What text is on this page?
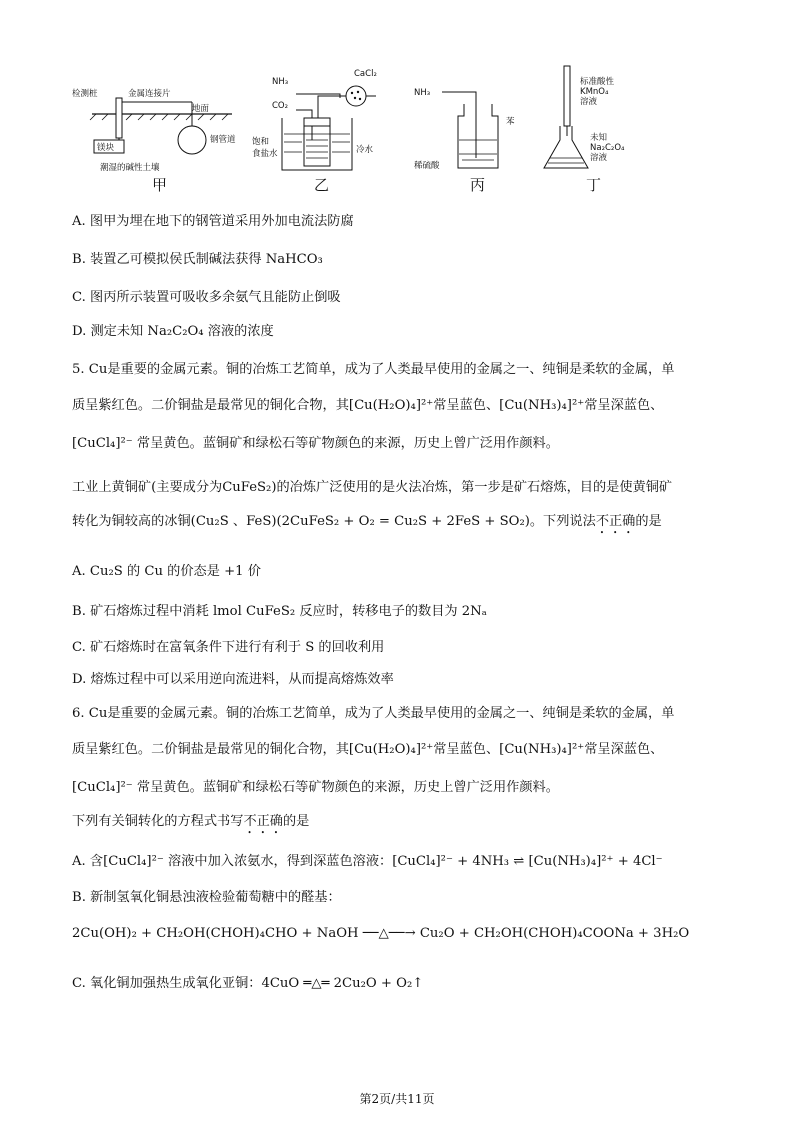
检测桩	金属连接片
地面
镁块
钢管道
潮湿的碱性土壤
甲
NH₃
CO₂
CaCl₂
饱和
食盐水	冷水
乙
NH₃
苯
稀硫酸
丙
标准酸性
KMnO₄
溶液
未知
Na₂C₂O₄
溶液
丁
A. 图甲为埋在地下的钢管道采用外加电流法防腐
B. 装置乙可模拟侯氏制碱法获得 NaHCO₃
C. 图丙所示装置可吸收多余氨气且能防止倒吸
D. 测定未知 Na₂C₂O₄ 溶液的浓度
5. Cu是重要的金属元素。铜的冶炼工艺简单，成为了人类最早使用的金属之一、纯铜是柔软的金属，单
质呈紫红色。二价铜盐是最常见的铜化合物，其[Cu(H₂O)₄]²⁺常呈蓝色、[Cu(NH₃)₄]²⁺常呈深蓝色、
[CuCl₄]²⁻ 常呈黄色。蓝铜矿和绿松石等矿物颜色的来源，历史上曾广泛用作颜料。
工业上黄铜矿(主要成分为CuFeS₂)的冶炼广泛使用的是火法冶炼，第一步是矿石熔炼，目的是使黄铜矿
转化为铜较高的冰铜(Cu₂S 、FeS)(2CuFeS₂ + O₂ = Cu₂S + 2FeS + SO₂)。下列说法不正确的是
A. Cu₂S 的 Cu 的价态是 +1 价
B. 矿石熔炼过程中消耗 lmol CuFeS₂ 反应时，转移电子的数目为 2Nₐ
C. 矿石熔炼时在富氧条件下进行有利于 S 的回收利用
D. 熔炼过程中可以采用逆向流进料，从而提高熔炼效率
6. Cu是重要的金属元素。铜的冶炼工艺简单，成为了人类最早使用的金属之一、纯铜是柔软的金属，单
质呈紫红色。二价铜盐是最常见的铜化合物，其[Cu(H₂O)₄]²⁺常呈蓝色、[Cu(NH₃)₄]²⁺常呈深蓝色、
[CuCl₄]²⁻ 常呈黄色。蓝铜矿和绿松石等矿物颜色的来源，历史上曾广泛用作颜料。
下列有关铜转化的方程式书写不正确的是
A. 含[CuCl₄]²⁻ 溶液中加入浓氨水，得到深蓝色溶液：[CuCl₄]²⁻ + 4NH₃ ⇌ [Cu(NH₃)₄]²⁺ + 4Cl⁻
B. 新制氢氧化铜悬浊液检验葡萄糖中的醛基：
2Cu(OH)₂ + CH₂OH(CHOH)₄CHO + NaOH ──△──→ Cu₂O + CH₂OH(CHOH)₄COONa + 3H₂O
C. 氧化铜加强热生成氧化亚铜：4CuO ═△═ 2Cu₂O + O₂↑
第2页/共11页
